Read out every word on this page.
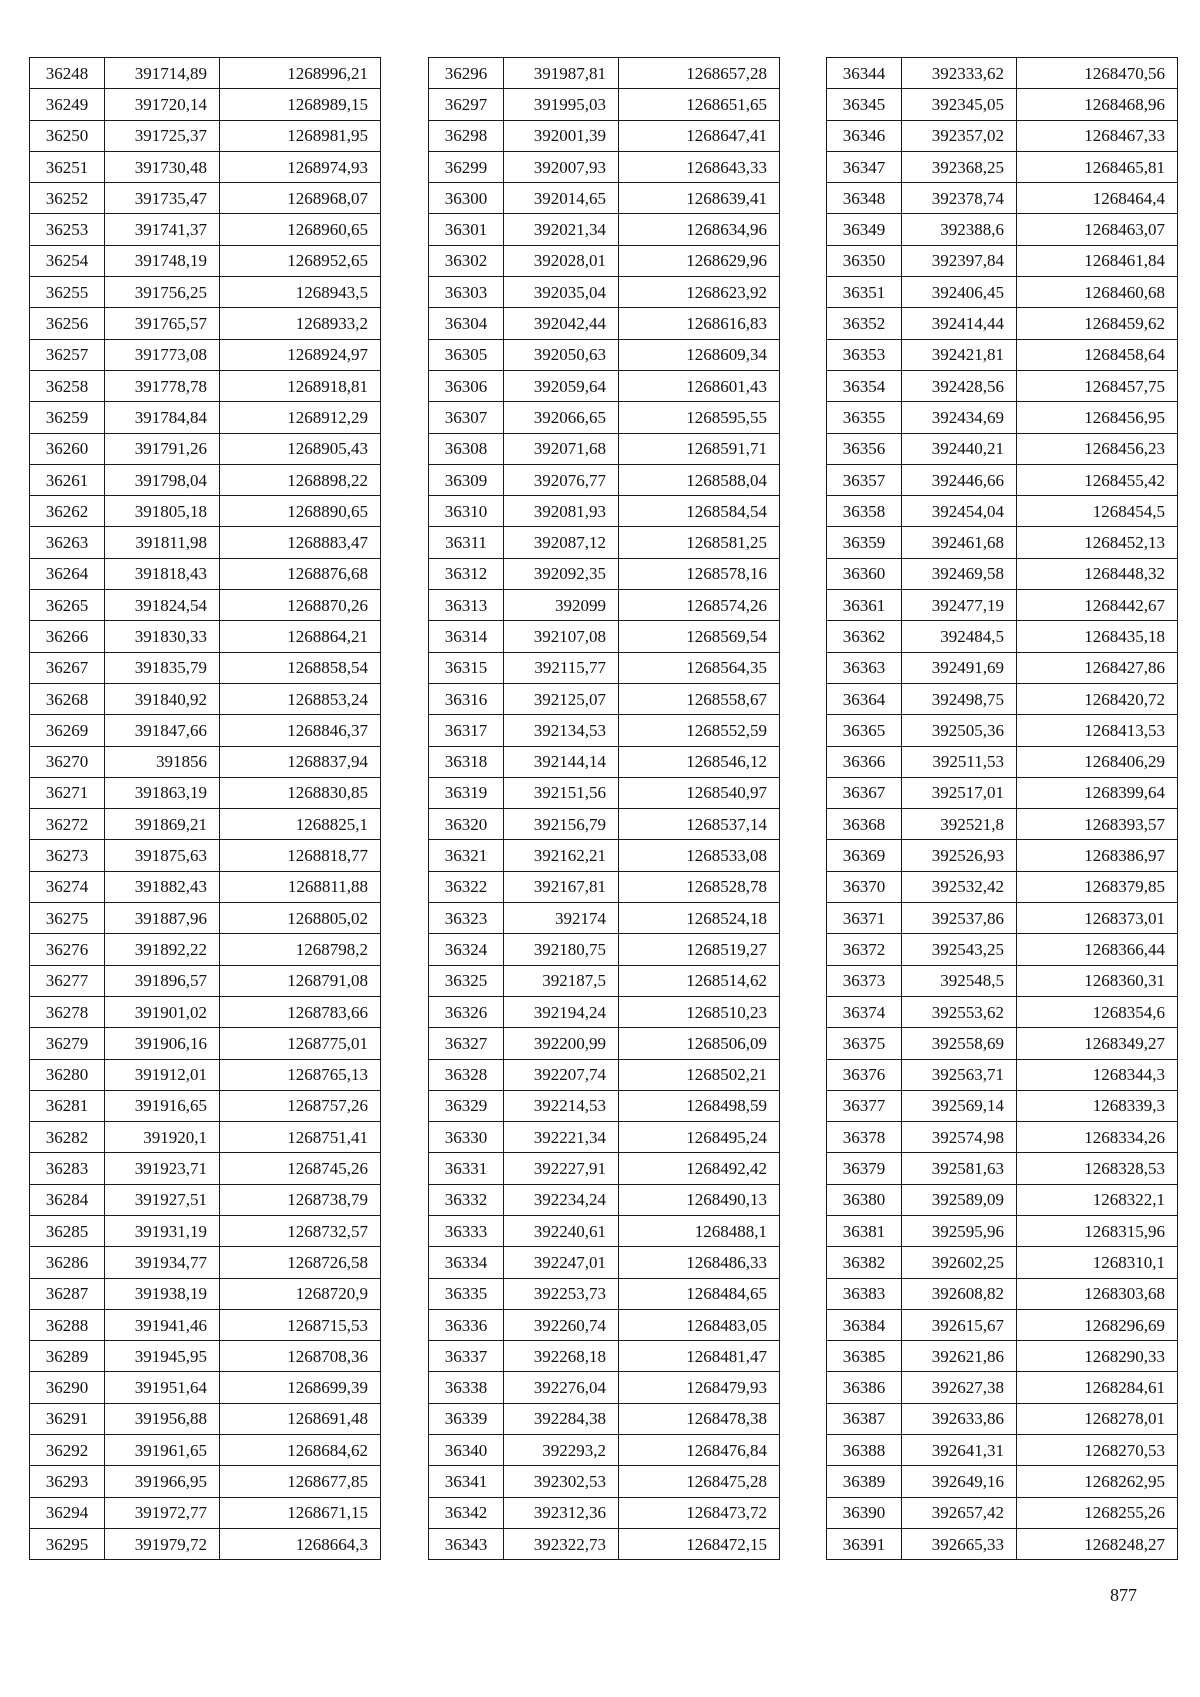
36248	391714,89	1268996,21
36249	391720,14	1268989,15
36250	391725,37	1268981,95
36251	391730,48	1268974,93
36252	391735,47	1268968,07
36253	391741,37	1268960,65
36254	391748,19	1268952,65
36255	391756,25	1268943,5
36256	391765,57	1268933,2
36257	391773,08	1268924,97
36258	391778,78	1268918,81
36259	391784,84	1268912,29
36260	391791,26	1268905,43
36261	391798,04	1268898,22
36262	391805,18	1268890,65
36263	391811,98	1268883,47
36264	391818,43	1268876,68
36265	391824,54	1268870,26
36266	391830,33	1268864,21
36267	391835,79	1268858,54
36268	391840,92	1268853,24
36269	391847,66	1268846,37
36270	391856	1268837,94
36271	391863,19	1268830,85
36272	391869,21	1268825,1
36273	391875,63	1268818,77
36274	391882,43	1268811,88
36275	391887,96	1268805,02
36276	391892,22	1268798,2
36277	391896,57	1268791,08
36278	391901,02	1268783,66
36279	391906,16	1268775,01
36280	391912,01	1268765,13
36281	391916,65	1268757,26
36282	391920,1	1268751,41
36283	391923,71	1268745,26
36284	391927,51	1268738,79
36285	391931,19	1268732,57
36286	391934,77	1268726,58
36287	391938,19	1268720,9
36288	391941,46	1268715,53
36289	391945,95	1268708,36
36290	391951,64	1268699,39
36291	391956,88	1268691,48
36292	391961,65	1268684,62
36293	391966,95	1268677,85
36294	391972,77	1268671,15
36295	391979,72	1268664,3
36296	391987,81	1268657,28
36297	391995,03	1268651,65
36298	392001,39	1268647,41
36299	392007,93	1268643,33
36300	392014,65	1268639,41
36301	392021,34	1268634,96
36302	392028,01	1268629,96
36303	392035,04	1268623,92
36304	392042,44	1268616,83
36305	392050,63	1268609,34
36306	392059,64	1268601,43
36307	392066,65	1268595,55
36308	392071,68	1268591,71
36309	392076,77	1268588,04
36310	392081,93	1268584,54
36311	392087,12	1268581,25
36312	392092,35	1268578,16
36313	392099	1268574,26
36314	392107,08	1268569,54
36315	392115,77	1268564,35
36316	392125,07	1268558,67
36317	392134,53	1268552,59
36318	392144,14	1268546,12
36319	392151,56	1268540,97
36320	392156,79	1268537,14
36321	392162,21	1268533,08
36322	392167,81	1268528,78
36323	392174	1268524,18
36324	392180,75	1268519,27
36325	392187,5	1268514,62
36326	392194,24	1268510,23
36327	392200,99	1268506,09
36328	392207,74	1268502,21
36329	392214,53	1268498,59
36330	392221,34	1268495,24
36331	392227,91	1268492,42
36332	392234,24	1268490,13
36333	392240,61	1268488,1
36334	392247,01	1268486,33
36335	392253,73	1268484,65
36336	392260,74	1268483,05
36337	392268,18	1268481,47
36338	392276,04	1268479,93
36339	392284,38	1268478,38
36340	392293,2	1268476,84
36341	392302,53	1268475,28
36342	392312,36	1268473,72
36343	392322,73	1268472,15
36344	392333,62	1268470,56
36345	392345,05	1268468,96
36346	392357,02	1268467,33
36347	392368,25	1268465,81
36348	392378,74	1268464,4
36349	392388,6	1268463,07
36350	392397,84	1268461,84
36351	392406,45	1268460,68
36352	392414,44	1268459,62
36353	392421,81	1268458,64
36354	392428,56	1268457,75
36355	392434,69	1268456,95
36356	392440,21	1268456,23
36357	392446,66	1268455,42
36358	392454,04	1268454,5
36359	392461,68	1268452,13
36360	392469,58	1268448,32
36361	392477,19	1268442,67
36362	392484,5	1268435,18
36363	392491,69	1268427,86
36364	392498,75	1268420,72
36365	392505,36	1268413,53
36366	392511,53	1268406,29
36367	392517,01	1268399,64
36368	392521,8	1268393,57
36369	392526,93	1268386,97
36370	392532,42	1268379,85
36371	392537,86	1268373,01
36372	392543,25	1268366,44
36373	392548,5	1268360,31
36374	392553,62	1268354,6
36375	392558,69	1268349,27
36376	392563,71	1268344,3
36377	392569,14	1268339,3
36378	392574,98	1268334,26
36379	392581,63	1268328,53
36380	392589,09	1268322,1
36381	392595,96	1268315,96
36382	392602,25	1268310,1
36383	392608,82	1268303,68
36384	392615,67	1268296,69
36385	392621,86	1268290,33
36386	392627,38	1268284,61
36387	392633,86	1268278,01
36388	392641,31	1268270,53
36389	392649,16	1268262,95
36390	392657,42	1268255,26
36391	392665,33	1268248,27
877
